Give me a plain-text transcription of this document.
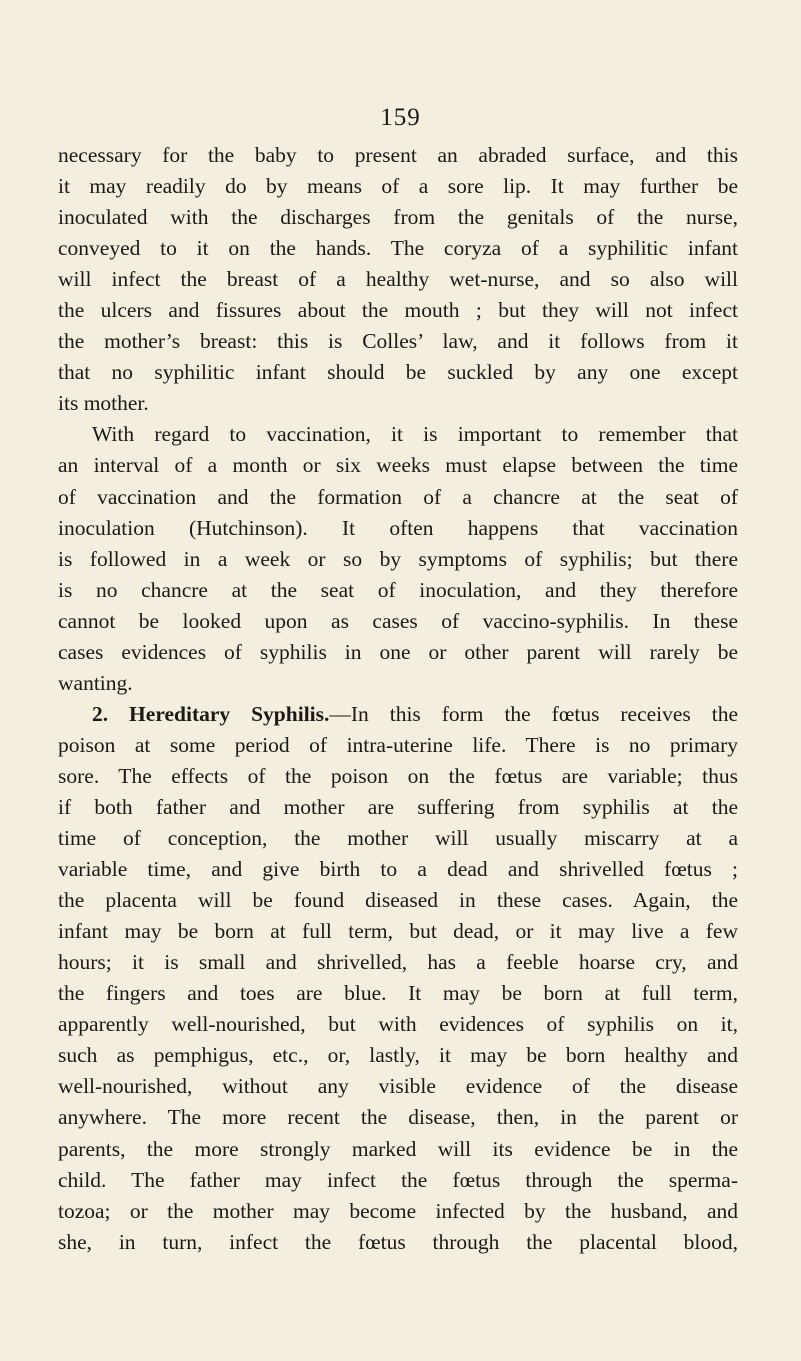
159
necessary for the baby to present an abraded surface, and this
it may readily do by means of a sore lip. It may further be
inoculated with the discharges from the genitals of the nurse,
conveyed to it on the hands. The coryza of a syphilitic infant
will infect the breast of a healthy wet-nurse, and so also will
the ulcers and fissures about the mouth ; but they will not infect
the mother’s breast: this is Colles’ law, and it follows from it
that no syphilitic infant should be suckled by any one except
its mother.
With regard to vaccination, it is important to remember that
an interval of a month or six weeks must elapse between the time
of vaccination and the formation of a chancre at the seat of
inoculation (Hutchinson). It often happens that vaccination
is followed in a week or so by symptoms of syphilis; but there
is no chancre at the seat of inoculation, and they therefore
cannot be looked upon as cases of vaccino-syphilis. In these
cases evidences of syphilis in one or other parent will rarely be
wanting.
2. Hereditary Syphilis.—In this form the fœtus receives the
poison at some period of intra-uterine life. There is no primary
sore. The effects of the poison on the fœtus are variable; thus
if both father and mother are suffering from syphilis at the
time of conception, the mother will usually miscarry at a
variable time, and give birth to a dead and shrivelled fœtus ;
the placenta will be found diseased in these cases. Again, the
infant may be born at full term, but dead, or it may live a few
hours; it is small and shrivelled, has a feeble hoarse cry, and
the fingers and toes are blue. It may be born at full term,
apparently well-nourished, but with evidences of syphilis on it,
such as pemphigus, etc., or, lastly, it may be born healthy and
well-nourished, without any visible evidence of the disease
anywhere. The more recent the disease, then, in the parent or
parents, the more strongly marked will its evidence be in the
child. The father may infect the fœtus through the sperma-
tozoa; or the mother may become infected by the husband, and
she, in turn, infect the fœtus through the placental blood,
